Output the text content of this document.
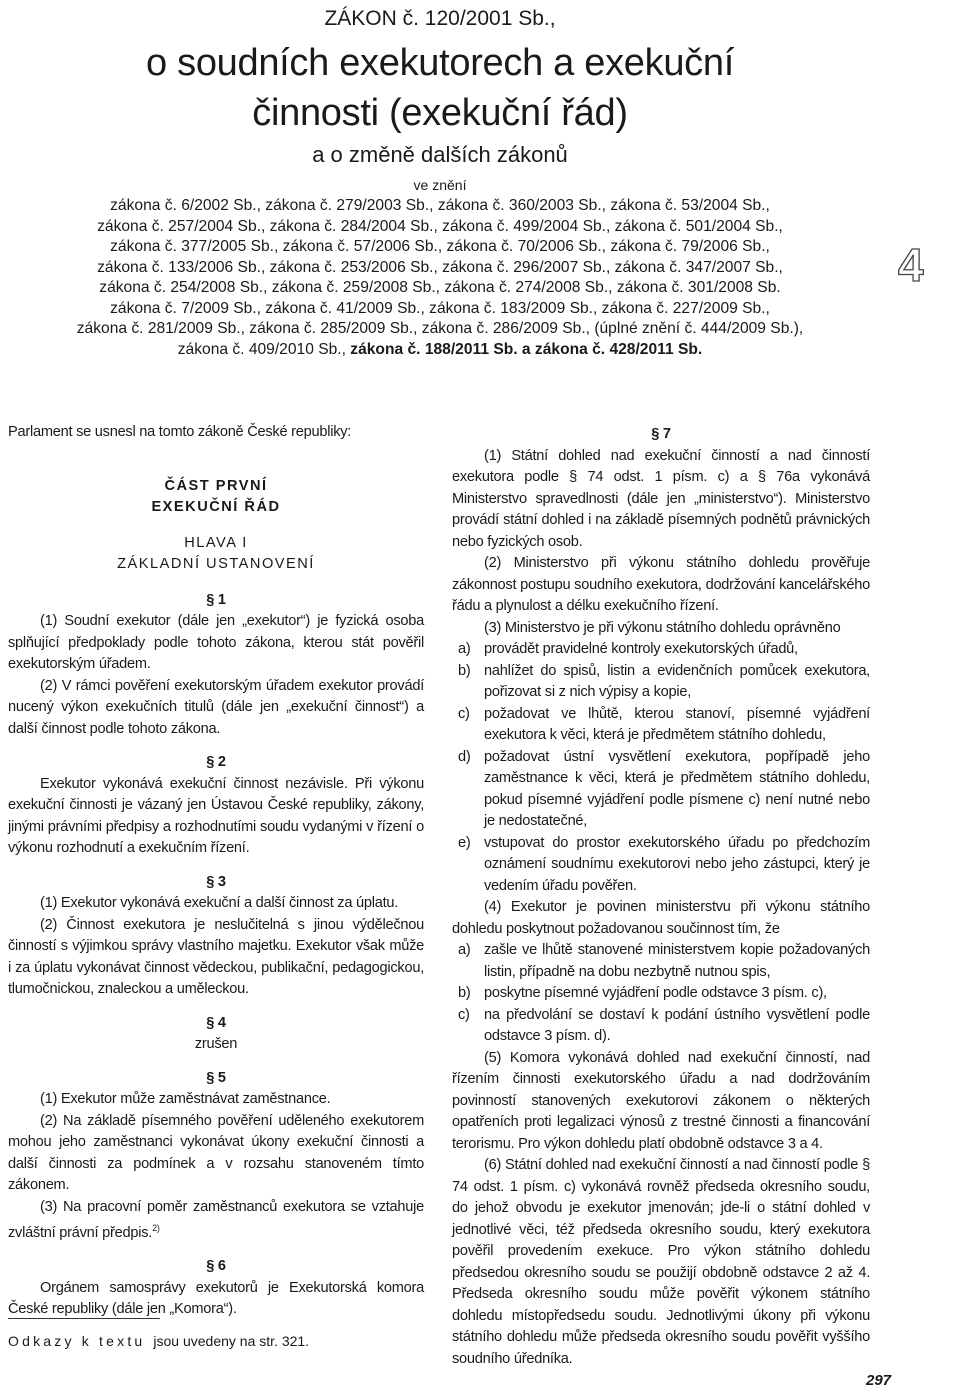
ZÁKON č. 120/2001 Sb.,
o soudních exekutorech a exekuční
činnosti (exekuční řád)
a o změně dalších zákonů
ve znění
zákona č. 6/2002 Sb., zákona č. 279/2003 Sb., zákona č. 360/2003 Sb., zákona č. 53/2004 Sb.,
zákona č. 257/2004 Sb., zákona č. 284/2004 Sb., zákona č. 499/2004 Sb., zákona č. 501/2004 Sb.,
zákona č. 377/2005 Sb., zákona č. 57/2006 Sb., zákona č. 70/2006 Sb., zákona č. 79/2006 Sb.,
zákona č. 133/2006 Sb., zákona č. 253/2006 Sb., zákona č. 296/2007 Sb., zákona č. 347/2007 Sb.,
zákona č. 254/2008 Sb., zákona č. 259/2008 Sb., zákona č. 274/2008 Sb., zákona č. 301/2008 Sb.
zákona č. 7/2009 Sb., zákona č. 41/2009 Sb., zákona č. 183/2009 Sb., zákona č. 227/2009 Sb.,
zákona č. 281/2009 Sb., zákona č. 285/2009 Sb., zákona č. 286/2009 Sb., (úplné znění č. 444/2009 Sb.),
zákona č. 409/2010 Sb., zákona č. 188/2011 Sb. a zákona č. 428/2011 Sb.
4

Parlament se usnesl na tomto zákoně České republiky:

ČÁST PRVNÍ
EXEKUČNÍ ŘÁD
HLAVA I
ZÁKLADNÍ USTANOVENÍ
§ 1

(1) Soudní exekutor (dále jen „exekutor“) je fyzická osoba splňující předpoklady podle tohoto zákona, kterou stát pověřil exekutorským úřadem.

(2) V rámci pověření exekutorským úřadem exekutor provádí nucený výkon exekučních titulů (dále jen „exekuční činnost“) a další činnost podle tohoto zákona.

§ 2

Exekutor vykonává exekuční činnost nezávisle. Při výkonu exekuční činnosti je vázaný jen Ústavou České republiky, zákony, jinými právními předpisy a rozhodnutími soudu vydanými v řízení o výkonu rozhodnutí a exekučním řízení.

§ 3

(1) Exekutor vykonává exekuční a další činnost za úplatu.

(2) Činnost exekutora je neslučitelná s jinou výdělečnou činností s výjimkou správy vlastního majetku. Exekutor však může i za úplatu vykonávat činnost vědeckou, publikační, pedagogickou, tlumočnickou, znaleckou a uměleckou.

§ 4
zrušen
§ 5

(1) Exekutor může zaměstnávat zaměstnance.

(2) Na základě písemného pověření uděleného exekutorem mohou jeho zaměstnanci vykonávat úkony exekuční činnosti a další činnosti za podmínek a v rozsahu stanoveném tímto zákonem.

(3) Na pracovní poměr zaměstnanců exekutora se vztahuje zvláštní právní předpis.$^{2)}$

§ 6

Orgánem samosprávy exekutorů je Exekutorská komora České republiky (dále jen „Komora“).

§ 7

(1) Státní dohled nad exekuční činností a nad činností exekutora podle § 74 odst. 1 písm. c) a § 76a vykonává Ministerstvo spravedlnosti (dále jen „ministerstvo“). Ministerstvo provádí státní dohled i na základě písemných podnětů právnických nebo fyzických osob.

(2) Ministerstvo při výkonu státního dohledu prověřuje zákonnost postupu soudního exekutora, dodržování kancelářského řádu a plynulost a délku exekučního řízení.

(3) Ministerstvo je při výkonu státního dohledu oprávněno

a) provádět pravidelné kontroly exekutorských úřadů,
b) nahlížet do spisů, listin a evidenčních pomůcek exekutora, pořizovat si z nich výpisy a kopie,
c) požadovat ve lhůtě, kterou stanoví, písemné vyjádření exekutora k věci, která je předmětem státního dohledu,
d) požadovat ústní vysvětlení exekutora, popřípadě jeho zaměstnance k věci, která je předmětem státního dohledu, pokud písemné vyjádření podle písmene c) není nutné nebo je nedostatečné,
e) vstupovat do prostor exekutorského úřadu po předchozím oznámení soudnímu exekutorovi nebo jeho zástupci, který je vedením úřadu pověřen.

(4) Exekutor je povinen ministerstvu při výkonu státního dohledu poskytnout požadovanou součinnost tím, že

a) zašle ve lhůtě stanovené ministerstvem kopie požadovaných listin, případně na dobu nezbytně nutnou spis,
b) poskytne písemné vyjádření podle odstavce 3 písm. c),
c) na předvolání se dostaví k podání ústního vysvětlení podle odstavce 3 písm. d).

(5) Komora vykonává dohled nad exekuční činností, nad řízením činnosti exekutorského úřadu a nad dodržováním povinností stanovených exekutorovi zákonem o některých opatřeních proti legalizaci výnosů z trestné činnosti a financování terorismu. Pro výkon dohledu platí obdobně odstavce 3 a 4.

(6) Státní dohled nad exekuční činností a nad činností podle § 74 odst. 1 písm. c) vykonává rovněž předseda okresního soudu, do jehož obvodu je exekutor jmenován; jde-li o státní dohled v jednotlivé věci, též předseda okresního soudu, který exekutora pověřil provedením exekuce. Pro výkon státního dohledu předsedou okresního soudu se použijí obdobně odstavce 2 až 4. Předseda okresního soudu může pověřit výkonem státního dohledu místopředsedu soudu. Jednotlivými úkony při výkonu státního dohledu může předseda okresního soudu pověřit vyššího soudního úředníka.

Odkazy k textu jsou uvedeny na str. 321.
297
